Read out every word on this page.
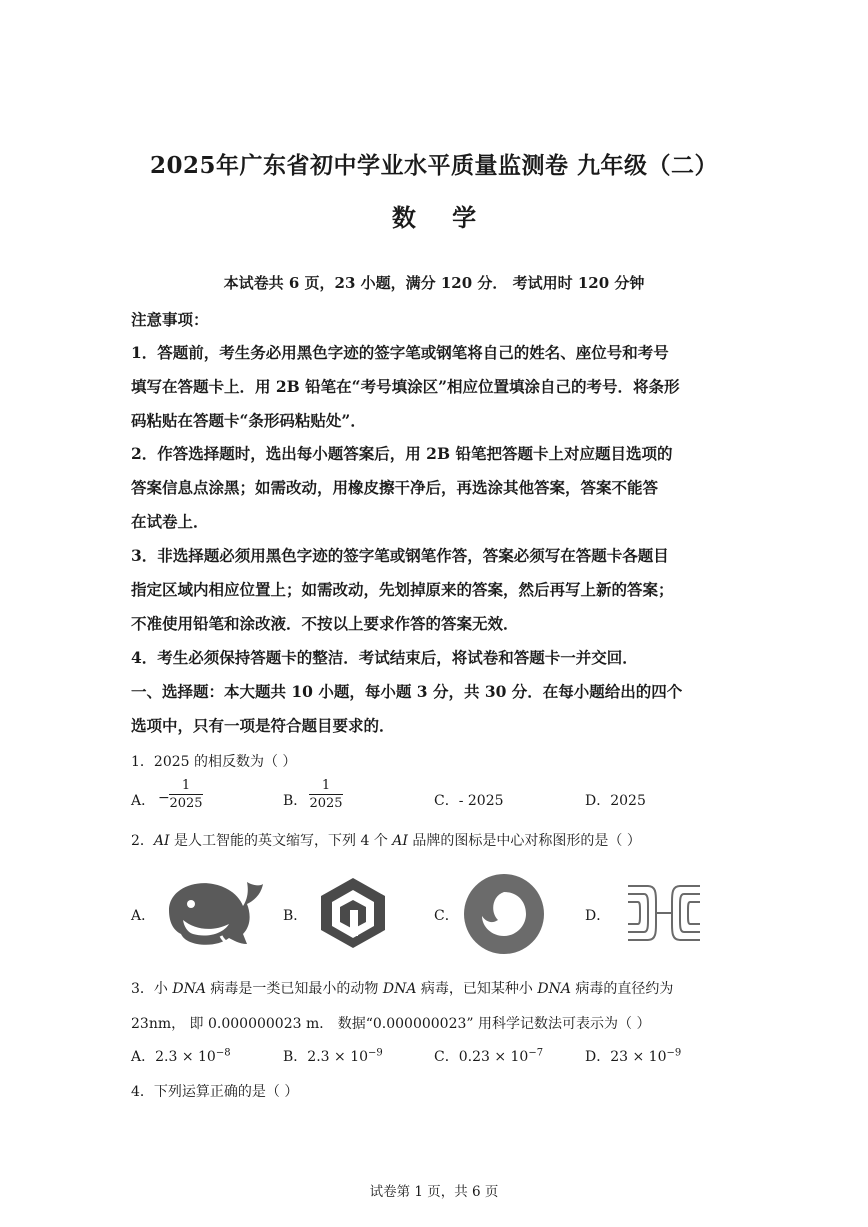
2025年广东省初中学业水平质量监测卷 九年级（二）
数 学
本试卷共 6 页，23 小题，满分 120 分． 考试用时 120 分钟
注意事项：
1．答题前，考生务必用黑色字迹的签字笔或钢笔将自己的姓名、座位号和考号
填写在答题卡上．用 2B 铅笔在“考号填涂区”相应位置填涂自己的考号．将条形
码粘贴在答题卡“条形码粘贴处”．
2．作答选择题时，选出每小题答案后，用 2B 铅笔把答题卡上对应题目选项的
答案信息点涂黑；如需改动，用橡皮擦干净后，再选涂其他答案，答案不能答
在试卷上．
3．非选择题必须用黑色字迹的签字笔或钢笔作答，答案必须写在答题卡各题目
指定区域内相应位置上；如需改动，先划掉原来的答案，然后再写上新的答案；
不准使用铅笔和涂改液．不按以上要求作答的答案无效．
4．考生必须保持答题卡的整洁．考试结束后，将试卷和答题卡一并交回．
一、选择题：本大题共 10 小题，每小题 3 分，共 30 分．在每小题给出的四个
选项中，只有一项是符合题目要求的．
1．2025 的相反数为（ ）
A． −
1
2025	B．
1
2025	C．- 2025	D．2025
2．AI 是人工智能的英文缩写，下列 4 个 AI 品牌的图标是中心对称图形的是（ ）
A．	B．	C．	D．
3．小 DNA 病毒是一类已知最小的动物 DNA 病毒，已知某种小 DNA 病毒的直径约为
23nm， 即 0.000000023 m． 数据“0.000000023” 用科学记数法可表示为（ ）
A．$2.3 \times 10^{-8}$	B．$2.3 \times 10^{-9}$	C．$0.23 \times 10^{-7}$	D．$23 \times 10^{-9}$
4．下列运算正确的是（ ）
试卷第 1 页，共 6 页
